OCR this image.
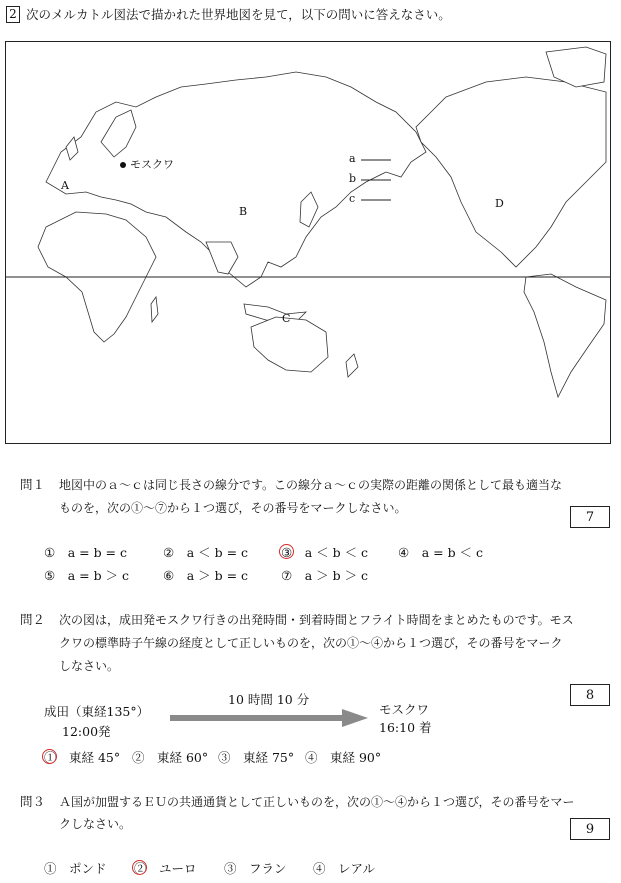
2 次のメルカトル図法で描かれた世界地図を見て，以下の問いに答えなさい。
モスクワ
A
B
C
D
a
b
c
問１ 地図中のａ～ｃは同じ長さの線分です。この線分ａ～ｃの実際の距離の関係として最も適当な
ものを，次の①～⑦から１つ選び，その番号をマークしなさい。
7
①　a = b = c	②　a ＜ b = c	③　a ＜ b ＜ c ④　a = b ＜ c
⑤　a = b ＞ c	⑥　a ＞ b = c	⑦　a ＞ b ＞ c
問２ 次の図は，成田発モスクワ行きの出発時間・到着時間とフライト時間をまとめたものです。モス
クワの標準時子午線の経度として正しいものを，次の①～④から１つ選び，その番号をマーク
しなさい。
8
成田（東経135°）
12:00発
10 時間 10 分
モスクワ
16:10 着
①　東経 45° ②　東経 60° ③　東経 75° ④　東経 90°
問３ Ａ国が加盟するＥＵの共通通貨として正しいものを，次の①～④から１つ選び，その番号をマー
クしなさい。	9
①　ポンド ②　ユーロ ③　フラン ④　レアル
